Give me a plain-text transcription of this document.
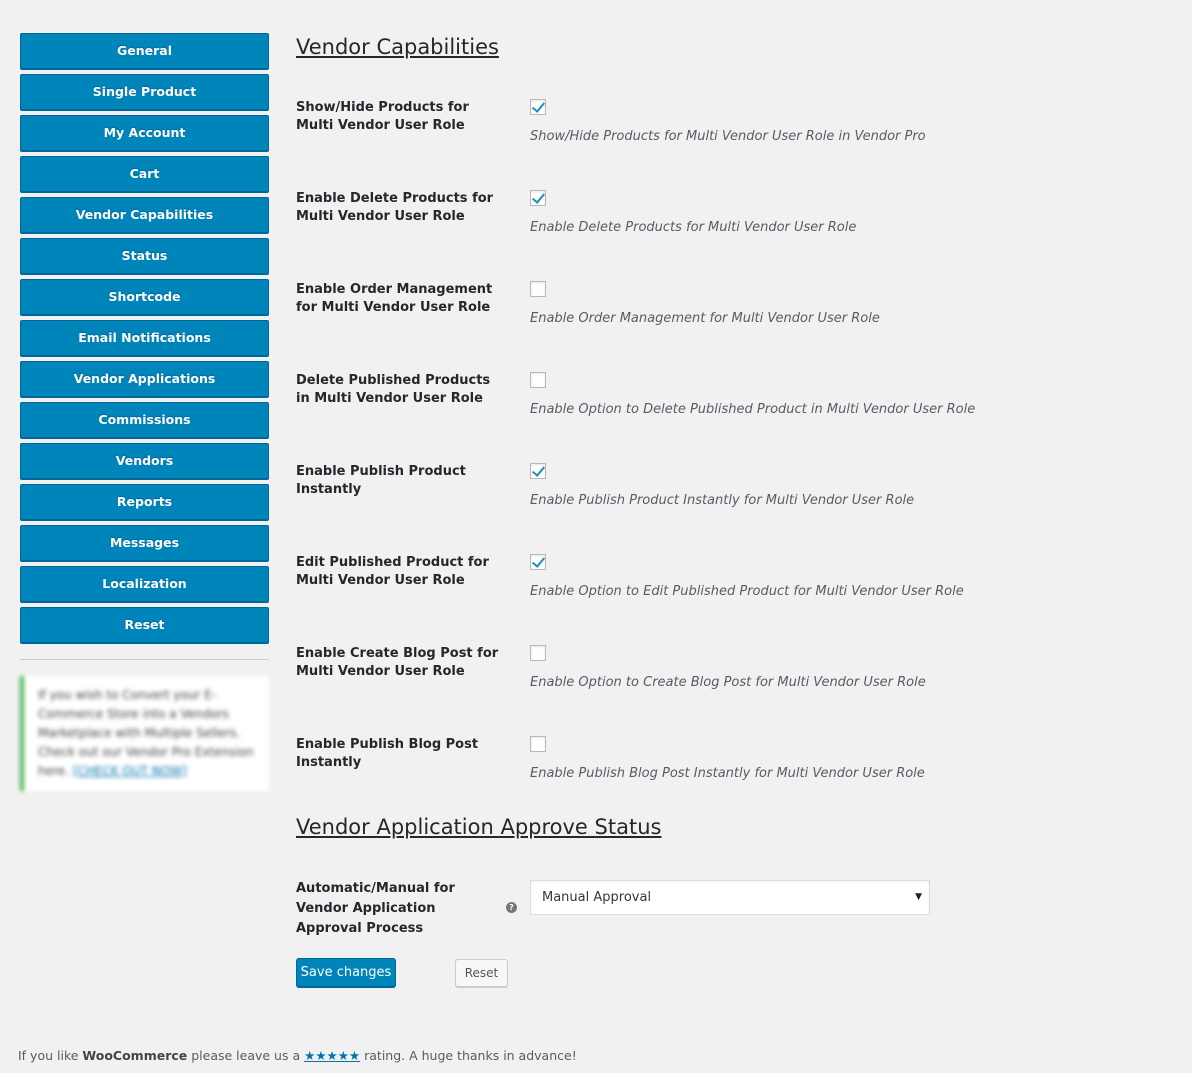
General
Single Product
My Account
Cart
Vendor Capabilities
Status
Shortcode
Email Notifications
Vendor Applications
Commissions
Vendors
Reports
Messages
Localization
Reset
If you wish to Convert your E-Commerce Store into a Vendors Marketplace with Multiple Sellers. Check out our Vendor Pro Extension here. [CHECK OUT NOW]
Vendor Capabilities
Show/Hide Products for Multi Vendor User Role
Show/Hide Products for Multi Vendor User Role in Vendor Pro
Enable Delete Products for Multi Vendor User Role
Enable Delete Products for Multi Vendor User Role
Enable Order Management for Multi Vendor User Role
Enable Order Management for Multi Vendor User Role
Delete Published Products in Multi Vendor User Role
Enable Option to Delete Published Product in Multi Vendor User Role
Enable Publish Product Instantly
Enable Publish Product Instantly for Multi Vendor User Role
Edit Published Product for Multi Vendor User Role
Enable Option to Edit Published Product for Multi Vendor User Role
Enable Create Blog Post for Multi Vendor User Role
Enable Option to Create Blog Post for Multi Vendor User Role
Enable Publish Blog Post Instantly
Enable Publish Blog Post Instantly for Multi Vendor User Role
Vendor Application Approve Status
Automatic/Manual for Vendor Application Approval Process
?
Manual Approval	▼
Save changes	Reset
If you like WooCommerce please leave us a ★★★★★ rating. A huge thanks in advance!
